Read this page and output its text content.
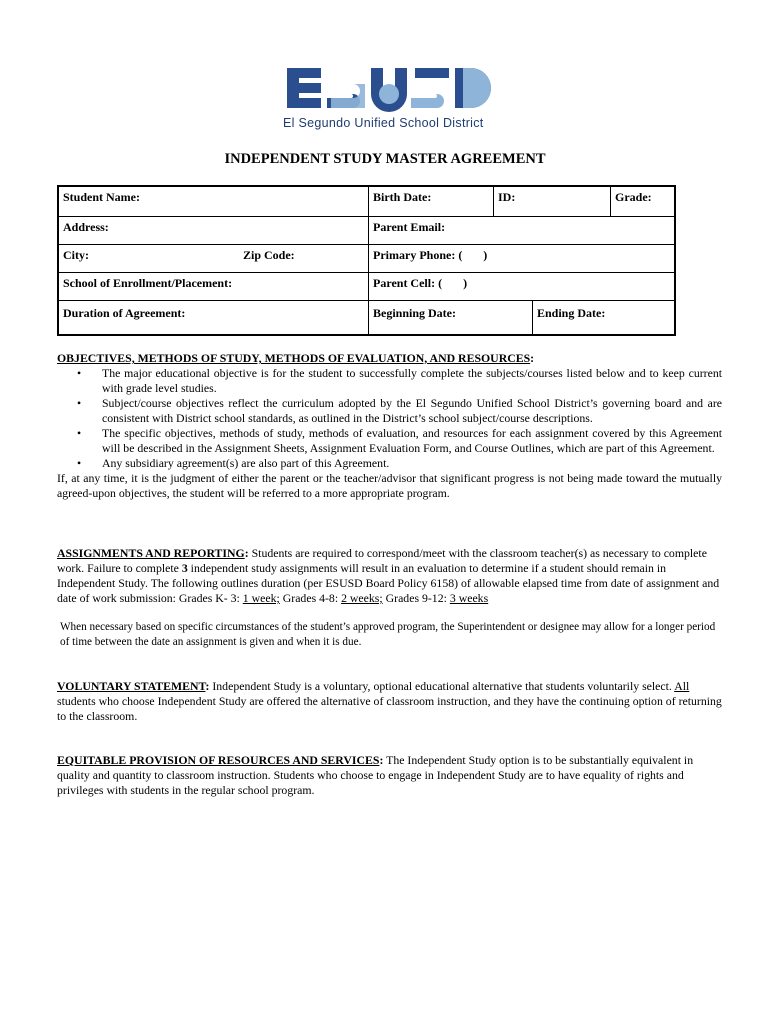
El Segundo Unified School District
INDEPENDENT STUDY MASTER AGREEMENT
Student Name:	Birth Date:	ID:	Grade:
Address:	Parent Email:
City:	Zip Code:	Primary Phone: (       )
School of Enrollment/Placement:	Parent Cell: (       )
Duration of Agreement:	Beginning Date:	Ending Date:
OBJECTIVES, METHODS OF STUDY, METHODS OF EVALUATION, AND RESOURCES:
• The major educational objective is for the student to successfully complete the subjects/courses listed below and to keep current with grade level studies.
• Subject/course objectives reflect the curriculum adopted by the El Segundo Unified School District’s governing board and are consistent with District school standards, as outlined in the District’s school subject/course descriptions.
• The specific objectives, methods of study, methods of evaluation, and resources for each assignment covered by this Agreement will be described in the Assignment Sheets, Assignment Evaluation Form, and Course Outlines, which are part of this Agreement.
• Any subsidiary agreement(s) are also part of this Agreement.
If, at any time, it is the judgment of either the parent or the teacher/advisor that significant progress is not being made toward the mutually agreed-upon objectives, the student will be referred to a more appropriate program.
ASSIGNMENTS AND REPORTING: Students are required to correspond/meet with the classroom teacher(s) as necessary to complete work. Failure to complete 3 independent study assignments will result in an evaluation to determine if a student should remain in Independent Study. The following outlines duration (per ESUSD Board Policy 6158) of allowable elapsed time from date of assignment and date of work submission: Grades K- 3: 1 week; Grades 4-8: 2 weeks; Grades 9-12: 3 weeks
When necessary based on specific circumstances of the student’s approved program, the Superintendent or designee may allow for a longer period of time between the date an assignment is given and when it is due.
VOLUNTARY STATEMENT: Independent Study is a voluntary, optional educational alternative that students voluntarily select. All students who choose Independent Study are offered the alternative of classroom instruction, and they have the continuing option of returning to the classroom.
EQUITABLE PROVISION OF RESOURCES AND SERVICES: The Independent Study option is to be substantially equivalent in quality and quantity to classroom instruction. Students who choose to engage in Independent Study are to have equality of rights and privileges with students in the regular school program.
